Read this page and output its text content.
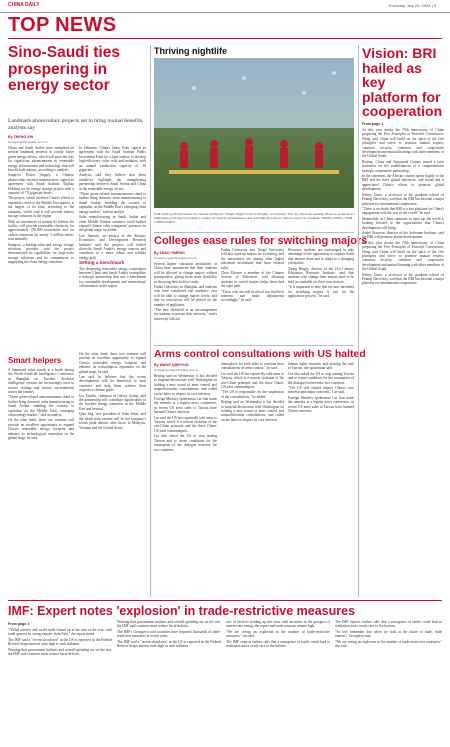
CHINA DAILY	Thursday, July 20, 2024 | 5
TOP NEWS
Sino-Saudi ties prospering in energy sector
Landmark photovoltaic projects set to bring mutual benefits, analysts say
By ZHENG XIN
zhengxin@chinadaily.com.cn

China and Saudi Arabia have embarked on several landmark projects to jointly foster green energy efforts, which will pave the way for significant advancements in renewable energy infrastructure and technology that will benefit both nations, according to analysts.

Sungrow Power Supply, a Chinese photovoltaic inverter manufacturer, signed an agreement with Saudi Arabian Algihaz Holding for an energy storage project with a capacity of 7.8 gigawatt-hours.

The project, which involves China's efforts to expand its reach to the Middle East market, is the largest of its kind, according to the company, which said it will provide battery storage solutions in the region.

With an investment of around $1 billion, the facility will provide renewable electricity for approximately 750,000 households and cut carbon emissions by nearly 3 million metric tons annually.

Sungrow, a leading solar and energy storage solutions provider, said the project demonstrated its capabilities for large-scale storage solutions and its commitment to supporting the clean energy transition.

In February, China's Jinko Solar signed an agreement with the Saudi Arabian Public Investment Fund for a joint venture to develop high-efficiency solar cells and modules, with an annual production capacity of 10 gigawatts.

Analysts said they believe that these initiatives highlight the strengthening partnership between Saudi Arabia and China in the renewable energy sector.

"These green-related announcements stand to further bring domestic solar manufacturing to Saudi Arabia, enabling the country to capitalize on the Middle East's emerging clean energy market," said an analyst.

Solar manufacturing in Saudi Arabia and other Middle Eastern countries could further expand Chinese solar companies' presence on the global stage, he added.

Lan Jianxun, an analyst at the Sinopec Economics and Development Research Institute, said the projects will further diversify Saudi Arabia's energy sources and contribute to a more robust and reliable energy grid.

Setting a benchmark

The deepening renewable energy cooperation between China and Saudi Arabia exemplifies a strategic partnership that sets a benchmark for sustainable development and international collaboration in the region.

On the other hand, these two ventures will provide an excellent opportunity to expand China's renewable energy footprint and enhance its technological reputation on the global stage, he said.

Lan said he believes that the recent developments will be beneficial to both countries and help them achieve their respective climate goals.

Liu Xiaolin, chairman of Galaxy Group, said the partnership will contribute significantly to the broader energy transition in the Middle East and beyond.

Qiao Jing, vice president of Jinko Solar, said the Saudi joint venture will be the company's fourth plant abroad, after those in Malaysia, Vietnam and the United States.

Smart helpers

A humanoid robot stands at a booth during the World Artificial Intelligence Conference in Shanghai on Tuesday. Artificial intelligence systems are increasingly used in service settings and factory environments across the country.

"These green-related announcements stand to further bring domestic solar manufacturing to Saudi Arabia, enabling the country to capitalize on the Middle East's emerging clean energy market," said an analyst.

On the other hand, these two ventures will provide an excellent opportunity to expand China's renewable energy footprint and enhance its technological reputation on the global stage, he said.

Thriving nightlife
Folk artists perform dances at a theater during the 'Tianjin Night' event in Tianjin, on Saturday. The city has been making efforts to promote its night-time economy by hosting a variety of cultural performances and activities that attract visitors and local residents. ZHANG PENG / FOR CHINA DAILY
Colleges ease rules for switching majors
By ZHAO YIMENG
zhaoyimeng@chinadaily.com.cn

Several higher education institutions in China have announced that their students will be allowed to change majors without prerequisites, giving them more flexibility in choosing their field of study.

Fudan University in Shanghai said students who have completed one academic year will be able to change majors freely, and that no restrictions will be placed on the number of applicants.

"The new threshold is an encouragement for students to pursue their interests," said a university official.

Fudan University and Tongji University will also open up majors for switching, and the universities are among other higher education institutions that have relaxed rules.

Chen Zhiwen, a member of the Chinese Society of Education, said allowing students to switch majors helps them find the right path.

"Those who are still in school can find their interests and make adjustments accordingly," he said.

However, students are encouraged to take advantage of the opportunity to explore fields that interest them and to adapt to a changing job market.

Xiong Bingqi, director of the 21st Century Education Research Institute, said that students who change their majors need to be held accountable for their own choices.

"It is important to note that the new threshold for switching majors is just for the application process," he said.

Arms control consultations with US halted
By WANG QINGYUN
wangqingyun@chinadaily.com.cn

Beijing said on Wednesday it has decided to suspend discussions with Washington on holding a new round of arms control and nonproliferation consultations, and called on the latter to respect its core interests.

Foreign Ministry spokesman Lin Jian made the remarks at a regular news conference, as recent US arms sales to Taiwan have harmed China's interests.

Lin said the US has repeatedly sold arms to Taiwan, which is a serious violation of the one-China principle and the three China-US joint communiques.

Lin also asked the US to stop arming Taiwan and to create conditions for the resumption of the dialogue between the two countries.

atmosphere for both sides to continue their consultations on arms control," he said.

Lin said the US has repeatedly sold arms to Taiwan, which is a serious violation of the one-China principle and the three China-US joint communiques.

"The US is responsible for the suspension of the consultations," he added.

Beijing said on Wednesday it has decided to suspend discussions with Washington on holding a new round of arms control and nonproliferation consultations, and called on the latter to respect its core interests.

human rights situation and abusing the oath to Taiwan, the spokesman said.

Lin also asked the US to stop arming Taiwan and to create conditions for the resumption of the dialogue between the two countries.

"The US side should respect China's core interests and major concerns," Lin said.

Foreign Ministry spokesman Lin Jian made the remarks at a regular news conference, as recent US arms sales to Taiwan have harmed China's interests.

Vision: BRI hailed as key platform for cooperation
From page 1

As this year marks the 70th anniversary of China proposing the Five Principles of Peaceful Coexistence, Wang said China will build on the spirit of the five principles and strive to promote mutual respect, common security, common and cooperative development and mutual learning with other members of the Global South.

Beijing, China and Equatorial Guinea issued a joint statement on the establishment of a comprehensive strategic cooperative partnership.

In the statement, the African country spoke highly of the BRI and the three global initiatives, and found that it appreciated China's efforts to promote global development.

Jeffrey Jones, a professor at the graduate school of Peking University, said that the BRI has become a major platform for international cooperation.

"There is no doubt that BRI is a key platform for China's engagement with the rest of the world," he said.

Meanwhile, as China continues to open up, the world is looking forward to the opportunities that China's development will bring.

André Brasseur, director of the Sorbonne Institute, said the BRI will promote global development.

As this year marks the 70th anniversary of China proposing the Five Principles of Peaceful Coexistence, Wang said China will build on the spirit of the five principles and strive to promote mutual respect, common security, common and cooperative development and mutual learning with other members of the Global South.

Jeffrey Jones, a professor at the graduate school of Peking University, said that the BRI has become a major platform for international cooperation.

IMF: Expert notes 'explosion' in trade-restrictive measures
From page 1

"Global activity and world trade firmed up at the turn of the year, with trade spurred by strong exports from Asia," the report stated.

The IMF said a "recent slowdown" in the US is expected as the Federal Reserve keeps interest rates high to curb inflation.

Warning that government bailouts and overall spending are on the rise, the IMF said countries must reduce fiscal deficits.

Warning that government bailouts and overall spending are on the rise, the IMF said countries must reduce fiscal deficits.

The IMF's Georgieva said countries have imposed thousands of trade-restrictive measures in recent years.

The IMF said a "recent slowdown" in the US is expected as the Federal Reserve keeps interest rates high to curb inflation.

ows of services holding up this year, with increases in the prospect of interest rate easing, the report said trade tensions remain high.

"We are seeing an explosion in the number of trade-restrictive measures," she said.

The IMF expects further calls that a resurgence of tariffs could lead to retaliation and a costly race to the bottom.

The IMF expects further calls that a resurgence of tariffs could lead to retaliation and a costly race to the bottom.

"So let's remember that when we look at the future of trade, trade matters," Georgieva said.

"We are seeing an explosion in the number of trade-restrictive measures," she said.
